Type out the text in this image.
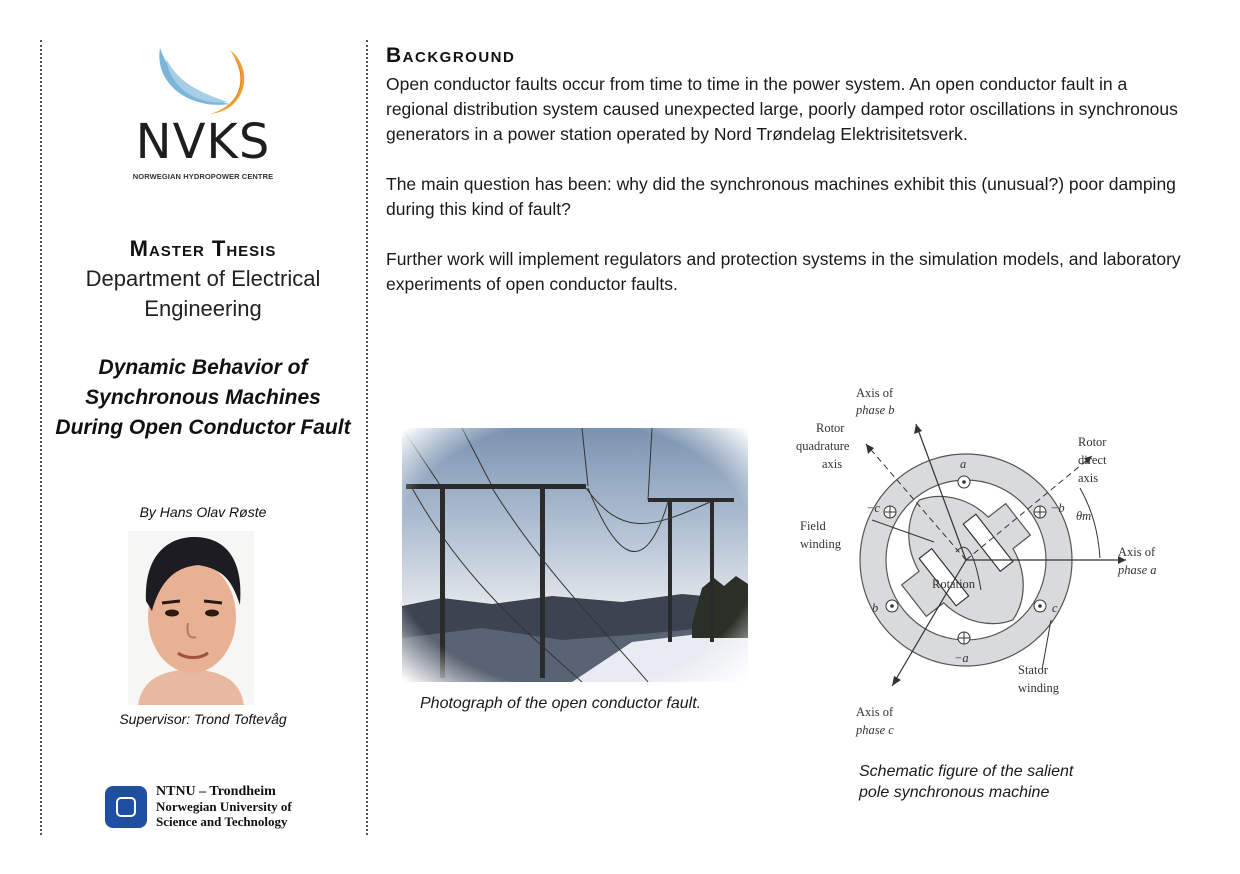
NVKS
NORWEGIAN HYDROPOWER CENTRE
Master Thesis
Department of Electrical Engineering
Dynamic Behavior of
Synchronous Machines
During Open Conductor Fault
By Hans Olav Røste
Supervisor: Trond Toftevåg
NTNU – Trondheim
Norwegian University of
Science and Technology
Background
Open conductor faults occur from time to time in the power system. An open conductor fault in a regional distribution system caused unexpected large, poorly damped rotor oscillations in synchronous generators in a power station operated by Nord Trøndelag Elektrisitetsverk.
The main question has been: why did the synchronous machines exhibit this (unusual?) poor damping during this kind of fault?
Further work will implement regulators and protection systems in the simulation models, and laboratory experiments of open conductor faults.
Photograph of the open conductor fault.
Axis of
phase b
Rotor
quadrature
axis
Rotor
direct
axis
θm
Field
winding
Axis of
phase a
Rotation
Stator
winding
Axis of
phase c
a
−a
b
−b
c
−c
Schematic figure of the salient
pole synchronous machine
